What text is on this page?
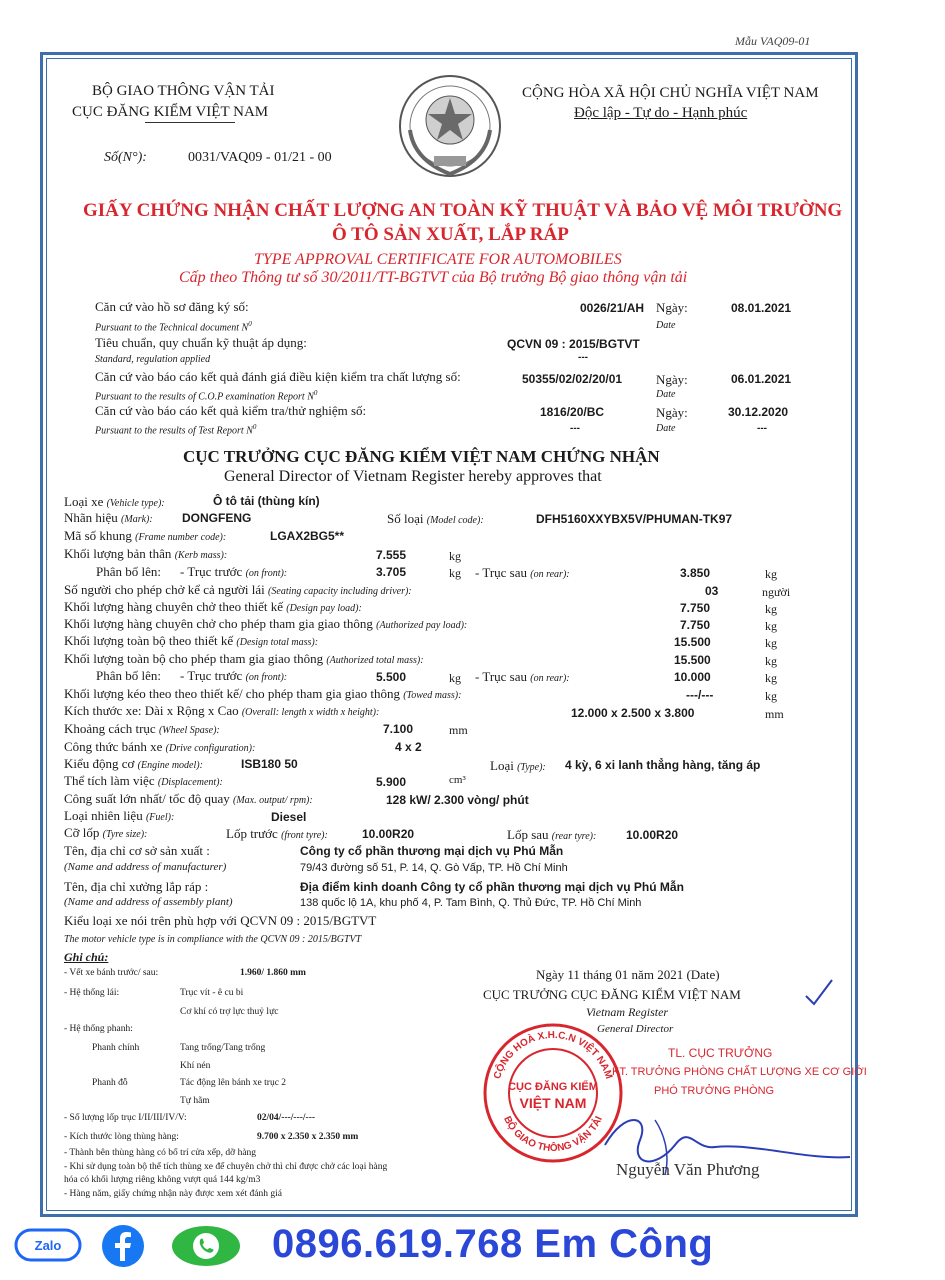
Mẫu VAQ09-01
BỘ GIAO THÔNG VẬN TẢI
CỤC ĐĂNG KIỂM VIỆT NAM
Số(N°):	0031/VAQ09 - 01/21 - 00
CỘNG HÒA XÃ HỘI CHỦ NGHĨA VIỆT NAM
Độc lập - Tự do - Hạnh phúc
GIẤY CHỨNG NHẬN CHẤT LƯỢNG AN TOÀN KỸ THUẬT VÀ BẢO VỆ MÔI TRƯỜNG
Ô TÔ SẢN XUẤT, LẮP RÁP
TYPE APPROVAL CERTIFICATE FOR AUTOMOBILES
Cấp theo Thông tư số 30/2011/TT-BGTVT của Bộ trưởng Bộ giao thông vận tải
Căn cứ vào hồ sơ đăng ký số:	0026/21/AH Ngày:	08.01.2021
Pursuant to the Technical document $N^0$	Date
Tiêu chuẩn, quy chuẩn kỹ thuật áp dụng:	QCVN 09 : 2015/BGTVT
Standard, regulation applied	---
Căn cứ vào báo cáo kết quả đánh giá điều kiện kiểm tra chất lượng số:	50355/02/02/20/01	Ngày:	06.01.2021
Pursuant to the results of C.O.P examination Report $N^0$	Date
Căn cứ vào báo cáo kết quả kiểm tra/thử nghiệm số:	1816/20/BC	Ngày:	30.12.2020
Pursuant to the results of Test Report $N^0$	---	Date	---
CỤC TRƯỞNG CỤC ĐĂNG KIỂM VIỆT NAM CHỨNG NHẬN
General Director of Vietnam Register hereby approves that
Loại xe (Vehicle type):	Ô tô tải (thùng kín)
Nhãn hiệu (Mark): DONGFENG	Số loại (Model code):	DFH5160XXYBX5V/PHUMAN-TK97
Mã số khung (Frame number code):	LGAX2BG5**
Khối lượng bản thân (Kerb mass):	7.555	kg
Phân bố lên: - Trục trước (on front):	3.705	kg - Trục sau (on rear):	3.850	kg
Số người cho phép chở kể cả người lái (Seating capacity including driver):	03	người
Khối lượng hàng chuyên chở theo thiết kế (Design pay load):	7.750	kg
Khối lượng hàng chuyên chở cho phép tham gia giao thông (Authorized pay load):	7.750	kg
Khối lượng toàn bộ theo thiết kế (Design total mass):	15.500	kg
Khối lượng toàn bộ cho phép tham gia giao thông (Authorized total mass):	15.500	kg
Phân bố lên: - Trục trước (on front):	5.500	kg - Trục sau (on rear):	10.000	kg
Khối lượng kéo theo theo thiết kế/ cho phép tham gia giao thông (Towed mass):	---/---	kg
Kích thước xe: Dài x Rộng x Cao (Overall: length x width x height):	12.000 x 2.500 x 3.800	mm
Khoảng cách trục (Wheel Spase):	7.100	mm
Công thức bánh xe (Drive configuration):	4 x 2
Kiểu động cơ (Engine model):	ISB180 50	Loại (Type): 4 kỳ, 6 xi lanh thẳng hàng, tăng áp
Thể tích làm việc (Displacement):	5.900	cm³
Công suất lớn nhất/ tốc độ quay (Max. output/ rpm):	128 kW/ 2.300 vòng/ phút
Loại nhiên liệu (Fuel):	Diesel
Cỡ lốp (Tyre size):	Lốp trước (front tyre):	10.00R20	Lốp sau (rear tyre): 10.00R20
Tên, địa chỉ cơ sở sản xuất :	Công ty cổ phần thương mại dịch vụ Phú Mẫn
(Name and address of manufacturer)	79/43 đường số 51, P. 14, Q. Gò Vấp, TP. Hồ Chí Minh
Tên, địa chỉ xưởng lắp ráp :	Địa điểm kinh doanh Công ty cổ phần thương mại dịch vụ Phú Mẫn
(Name and address of assembly plant)	138 quốc lộ 1A, khu phố 4, P. Tam Bình, Q. Thủ Đức, TP. Hồ Chí Minh
Kiểu loại xe nói trên phù hợp với QCVN 09 : 2015/BGTVT
The motor vehicle type is in compliance with the QCVN 09 : 2015/BGTVT
Ghi chú:
- Vết xe bánh trước/ sau:	1.960/ 1.860 mm
- Hệ thống lái:	Trục vít - ê cu bi
Cơ khí có trợ lực thuỷ lực
- Hệ thống phanh:
Phanh chính	Tang trống/Tang trống
Khí nén
Phanh đỗ	Tác động lên bánh xe trục 2
Tự hãm
- Số lượng lốp trục I/II/III/IV/V:	02/04/---/---/---
- Kích thước lòng thùng hàng:	9.700 x 2.350 x 2.350 mm
- Thành bên thùng hàng có bố trí cửa xếp, dỡ hàng
- Khi sử dụng toàn bộ thể tích thùng xe để chuyên chở thì chỉ được chở các loại hàng
hóa có khối lượng riêng không vượt quá 144 kg/m3
- Hàng năm, giấy chứng nhận này được xem xét đánh giá
Ngày 11 tháng 01 năm 2021 (Date)
CỤC TRƯỞNG CỤC ĐĂNG KIỂM VIỆT NAM
Vietnam Register
General Director
TL. CỤC TRƯỞNG
KT. TRƯỞNG PHÒNG CHẤT LƯỢNG XE CƠ GIỚI
PHÓ TRƯỞNG PHÒNG
CỘNG HOÀ X.H.C.N VIỆT NAM
BỘ GIAO THÔNG VẬN TẢI
CỤC ĐĂNG KIỂM
VIỆT NAM
Nguyễn Văn Phương
Zalo	0896.619.768 Em Công
